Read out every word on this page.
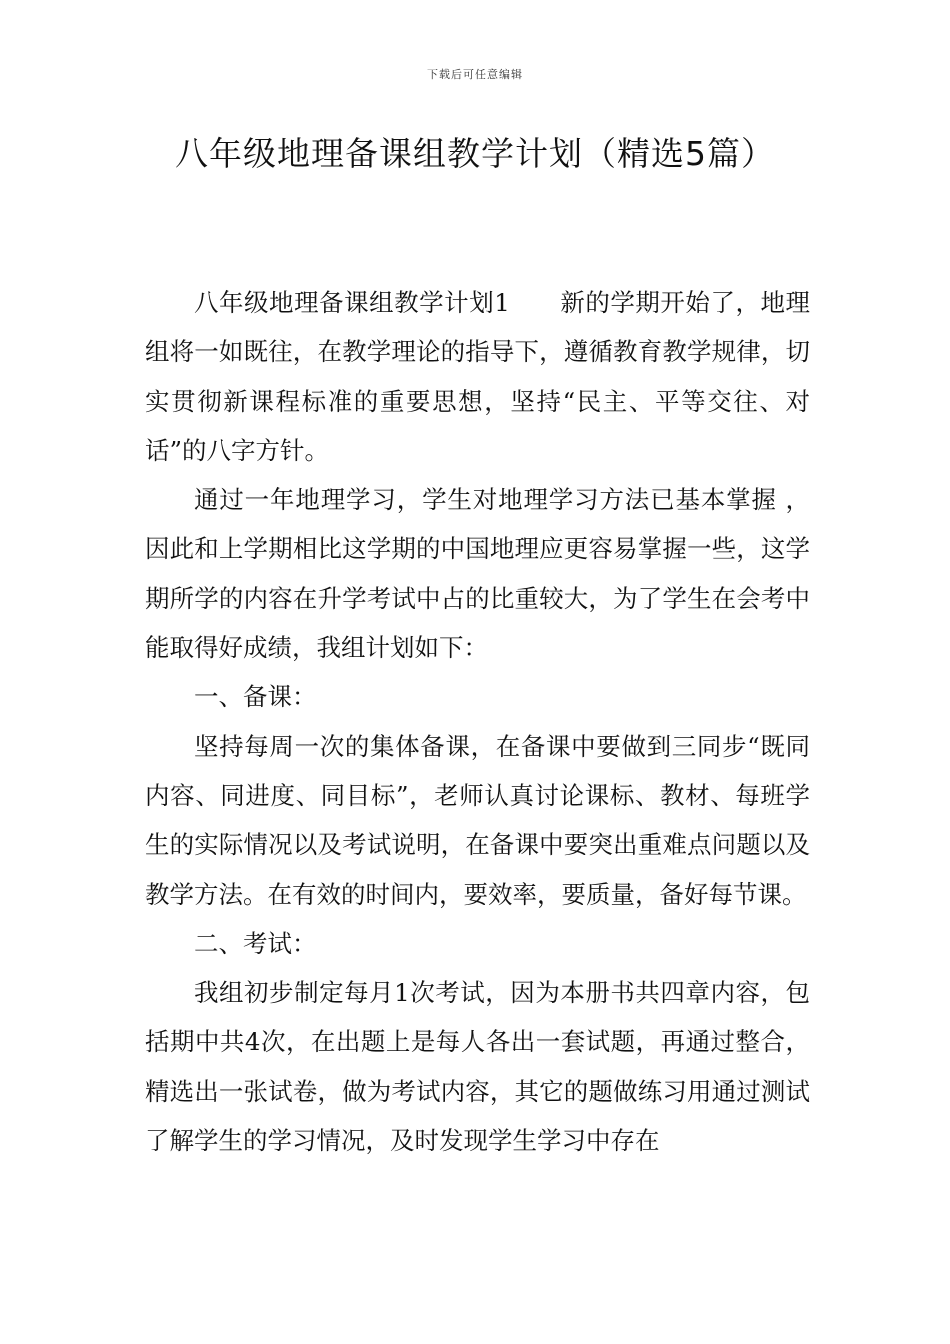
下载后可任意编辑
八年级地理备课组教学计划（精选5篇）

八年级地理备课组教学计划1 新的学期开始了，地理组将一如既往，在教学理论的指导下，遵循教育教学规律，切实贯彻新课程标准的重要思想，坚持“民主、平等交往、对话”的八字方针。

通过一年地理学习，学生对地理学习方法已基本掌握 ，因此和上学期相比这学期的中国地理应更容易掌握一些，这学期所学的内容在升学考试中占的比重较大，为了学生在会考中能取得好成绩，我组计划如下：

一、备课：

坚持每周一次的集体备课，在备课中要做到三同步“既同内容、同进度、同目标”，老师认真讨论课标、教材、每班学生的实际情况以及考试说明，在备课中要突出重难点问题以及教学方法。在有效的时间内，要效率，要质量，备好每节课。

二、考试：

我组初步制定每月1次考试，因为本册书共四章内容，包括期中共4次，在出题上是每人各出一套试题，再通过整合，精选出一张试卷，做为考试内容，其它的题做练习用通过测试了解学生的学习情况，及时发现学生学习中存在
